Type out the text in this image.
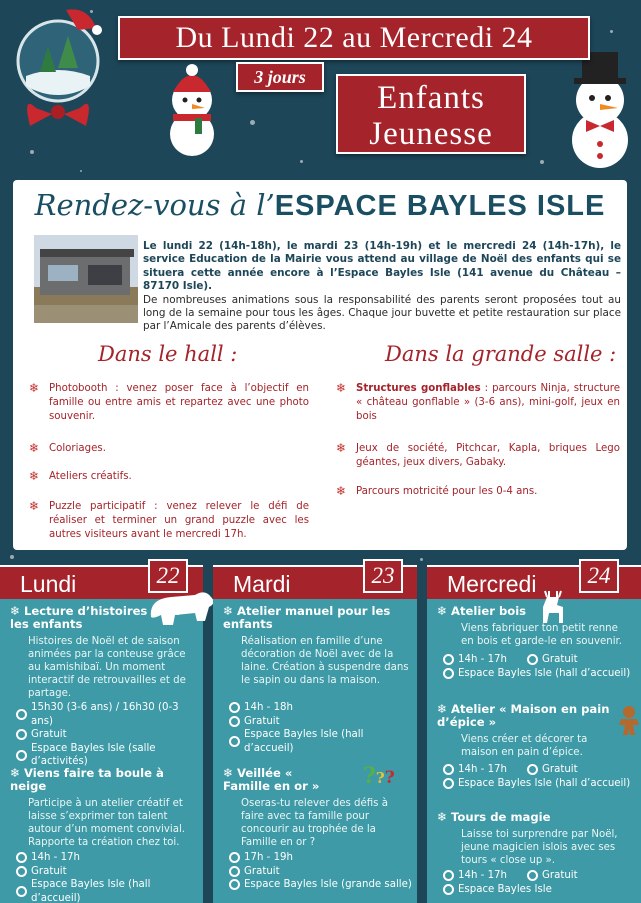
Du Lundi 22 au Mercredi 24
3 jours
Enfants
Jeunesse
Rendez-vous à l’ESPACE BAYLES ISLE

Le lundi 22 (14h-18h), le mardi 23 (14h-19h) et le mercredi 24 (14h-17h), le service Education de la Mairie vous attend au village de Noël des enfants qui se situera cette année encore à l’Espace Bayles Isle (141 avenue du Château – 87170 Isle).

De nombreuses animations sous la responsabilité des parents seront proposées tout au long de la semaine pour tous les âges. Chaque jour buvette et petite restauration sur place par l’Amicale des parents d’élèves.

Dans le hall :	Dans la grande salle :
❄ Photobooth : venez poser face à l’objectif en famille ou entre amis et repartez avec une photo souvenir.
❄ Coloriages.
❄ Ateliers créatifs.
❄ Puzzle participatif : venez relever le défi de réaliser et terminer un grand puzzle avec les autres visiteurs avant le mercredi 17h.
❄ Structures gonflables : parcours Ninja, structure « château gonflable » (3-6 ans), mini-golf, jeux en bois
❄ Jeux de société, Pitchcar, Kapla, briques Lego géantes, jeux divers, Gabaky.
❄ Parcours motricité pour les 0-4 ans.
Lundi	22
❄ Lecture d’histoires pour les enfants
Histoires de Noël et de saison animées par la conteuse grâce au kamishibaï. Un moment interactif de retrouvailles et de partage.
15h30 (3-6 ans) / 16h30 (0-3 ans)
Gratuit
Espace Bayles Isle (salle d’activités)
❄ Viens faire ta boule à neige
Participe à un atelier créatif et laisse s’exprimer ton talent autour d’un moment convivial. Rapporte ta création chez toi.
14h - 17h
Gratuit
Espace Bayles Isle (hall d’accueil)
Mardi	23
❄ Atelier manuel pour les enfants
Réalisation en famille d’une décoration de Noël avec de la laine. Création à suspendre dans le sapin ou dans la maison.
14h - 18h
Gratuit
Espace Bayles Isle (hall d’accueil)
❄ Veillée « Famille en or »
Oseras-tu relever des défis à faire avec ta famille pour concourir au trophée de la Famille en or ?
???
17h - 19h
Gratuit
Espace Bayles Isle (grande salle)
Mercredi	24
❄ Atelier bois
Viens fabriquer ton petit renne en bois et garde-le en souvenir.
14h - 17h	Gratuit
Espace Bayles Isle (hall d’accueil)
❄ Atelier « Maison en pain d’épice »
Viens créer et décorer ta maison en pain d’épice.
14h - 17h	Gratuit
Espace Bayles Isle (hall d’accueil)
❄ Tours de magie
Laisse toi surprendre par Noël, jeune magicien islois avec ses tours « close up ».
14h - 17h	Gratuit
Espace Bayles Isle
